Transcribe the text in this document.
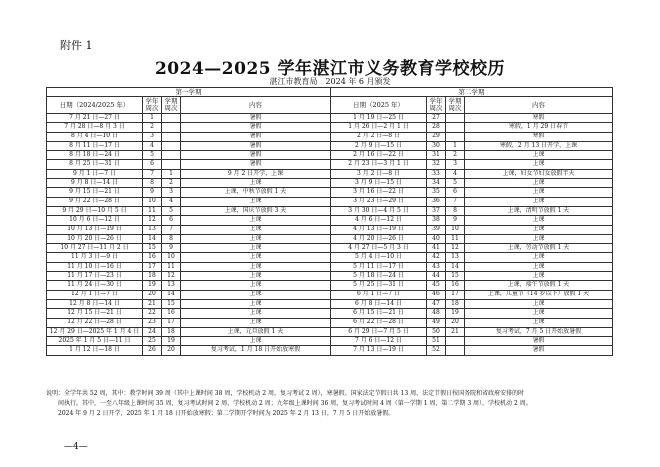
附件 1
2024—2025 学年湛江市义务教育学校校历
湛江市教育局　2024 年 6 月颁发
第一学期				第二学期			
日期（2024/2025 年）	学年周次	学期周次	内容	日期（2025 年）	学年周次	学期周次	内容
7 月 21 日—27 日	1		暑假	1 月 19 日—25 日	27		寒假
7 月 28 日—8 月 3 日	2		暑假	1 月 26 日—2 月 1 日	28		寒假，1 月 29 日春节
8 月 4 日—10 日	3		暑假	2 月 2 日—8 日	29		寒假
8 月 11 日—17 日	4		暑假	2 月 9 日—15 日	30	1	寒假，2 月 13 日开学，上课
8 月 18 日—24 日	5		暑假	2 月 16 日—22 日	31	2	上课
8 月 25 日—31 日	6		暑假	2 月 23 日—3 月 1 日	32	3	上课
9 月 1 日—7 日	7	1	9 月 2 日开学，上课	3 月 2 日—8 日	33	4	上课，妇女节妇女放假半天
9 月 8 日—14 日	8	2	上课	3 月 9 日—15 日	34	5	上课
9 月 15 日—21 日	9	3	上课，中秋节放假 1 天	3 月 16 日—22 日	35	6	上课
9 月 22 日—28 日	10	4	上课	3 月 23 日—29 日	36	7	上课
9 月 29 日—10 月 5 日	11	5	上课，国庆节放假 3 天	3 月 30 日—4 月 5 日	37	8	上课，清明节放假 1 天
10 月 6 日—12 日	12	6	上课	4 月 6 日—12 日	38	9	上课
10 月 13 日—19 日	13	7	上课	4 月 13 日—19 日	39	10	上课
10 月 20 日—26 日	14	8	上课	4 月 20 日—26 日	40	11	上课
10 月 27 日—11 月 2 日	15	9	上课	4 月 27 日—5 月 3 日	41	12	上课，劳动节放假 1 天
11 月 3 日—9 日	16	10	上课	5 月 4 日—10 日	42	13	上课
11 月 10 日—16 日	17	11	上课	5 月 11 日—17 日	43	14	上课
11 月 17 日—23 日	18	12	上课	5 月 18 日—24 日	44	15	上课
11 月 24 日—30 日	19	13	上课	5 月 25 日—31 日	45	16	上课，端午节放假 1 天
12 月 1 日—7 日	20	14	上课	6 月 1 日—7 日	46	17	上课，儿童节（14 岁以下）放假 1 天
12 月 8 日—14 日	21	15	上课	6 月 8 日—14 日	47	18	上课
12 月 15 日—21 日	22	16	上课	6 月 15 日—21 日	48	19	上课
12 月 22 日—28 日	23	17	上课	6 月 22 日—28 日	49	20	上课
12 月 29 日—2025 年 1 月 4 日	24	18	上课，元旦放假 1 天	6 月 29 日—7 月 5 日	50	21	复习考试，7 月 5 日开始放暑假
2025 年 1 月 5 日—11 日	25	19	上课	7 月 6 日—12 日	51		暑假
1 月 12 日—18 日	26	20	复习考试，1 月 18 日开始放寒假	7 月 13 日—19 日	52		暑假
说明：全学年共 52 周，其中：教学时间 39 周（其中上课时间 38 周，学校机动 2 周，复习考试 2 周），寒暑假、国家法定节假日共 13 周，法定节假日按国务院和省政府安排的时
　　间执行。其中，一至八年级上课时间 35 周，复习考试时间 2 周，学校机动 2 周；九年级上课时间 36 周，复习考试时间 4 周（第一学期 1 周，第二学期 3 周），学校机动 2 周。
　　2024 年 9 月 2 日开学，2025 年 1 月 18 日开始放寒假；第二学期开学时间为 2025 年 2 月 13 日，7 月 5 日开始放暑假。
—4—
